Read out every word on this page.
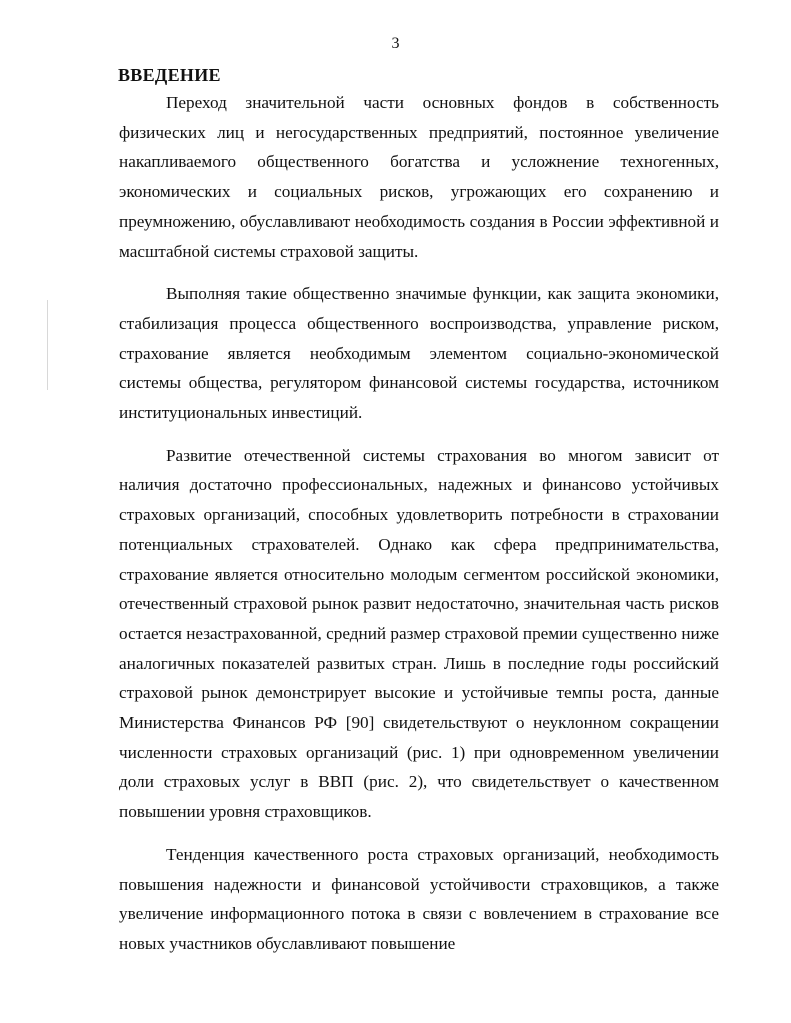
3
ВВЕДЕНИЕ

Переход значительной части основных фондов в собственность физических лиц и негосударственных предприятий, постоянное увеличение накапливаемого общественного богатства и усложнение техногенных, экономических и социальных рисков, угрожающих его сохранению и преумножению, обуславливают необходимость создания в России эффективной и масштабной системы страховой защиты.

Выполняя такие общественно значимые функции, как защита экономики, стабилизация процесса общественного воспроизводства, управление риском, страхование является необходимым элементом социально-экономической системы общества, регулятором финансовой системы государства, источником институциональных инвестиций.

Развитие отечественной системы страхования во многом зависит от наличия достаточно профессиональных, надежных и финансово устойчивых страховых организаций, способных удовлетворить потребности в страховании потенциальных страхователей. Однако как сфера предпринимательства, страхование является относительно молодым сегментом российской экономики, отечественный страховой рынок развит недостаточно, значительная часть рисков остается незастрахованной, средний размер страховой премии существенно ниже аналогичных показателей развитых стран. Лишь в последние годы российский страховой рынок демонстрирует высокие и устойчивые темпы роста, данные Министерства Финансов РФ [90] свидетельствуют о неуклонном сокращении численности страховых организаций (рис. 1) при одновременном увеличении доли страховых услуг в ВВП (рис. 2), что свидетельствует о качественном повышении уровня страховщиков.

Тенденция качественного роста страховых организаций, необходимость повышения надежности и финансовой устойчивости страховщиков, а также увеличение информационного потока в связи с вовлечением в страхование все новых участников обуславливают повышение
